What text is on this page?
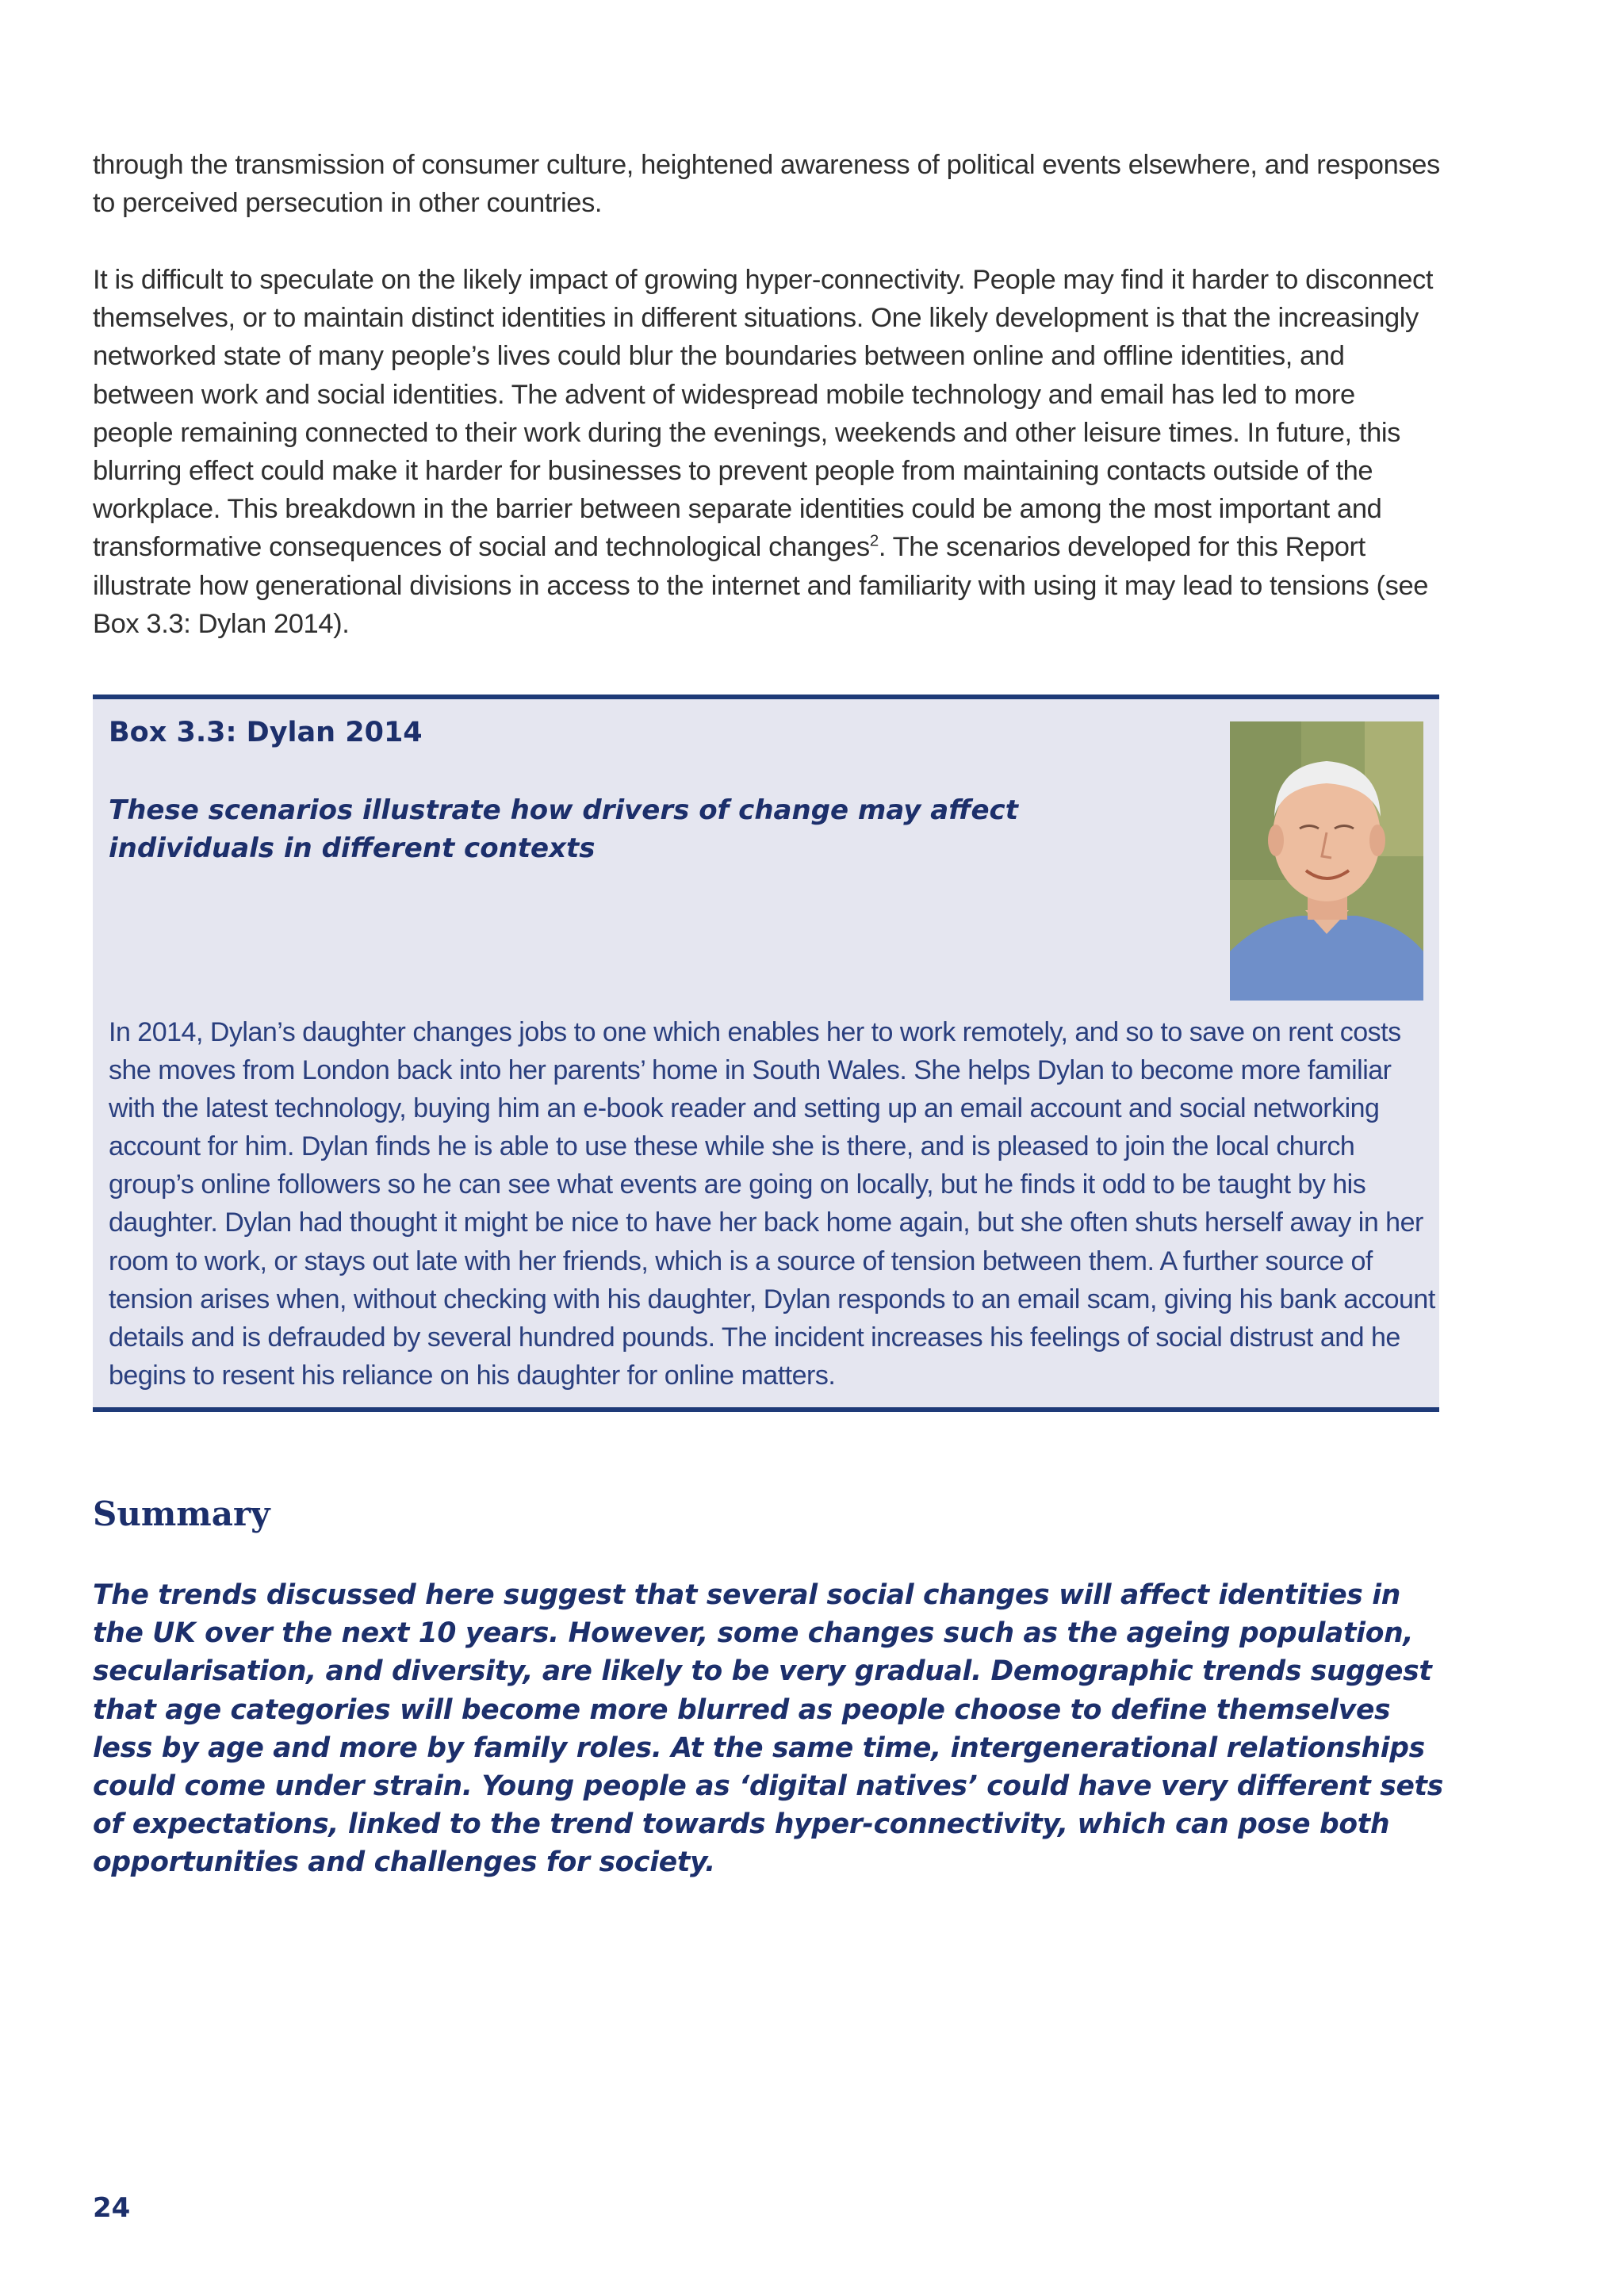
through the transmission of consumer culture, heightened awareness of political events elsewhere, and responses to perceived persecution in other countries.

It is difficult to speculate on the likely impact of growing hyper-connectivity. People may find it harder to disconnect themselves, or to maintain distinct identities in different situations. One likely development is that the increasingly networked state of many people’s lives could blur the boundaries between online and offline identities, and between work and social identities. The advent of widespread mobile technology and email has led to more people remaining connected to their work during the evenings, weekends and other leisure times. In future, this blurring effect could make it harder for businesses to prevent people from maintaining contacts outside of the workplace. This breakdown in the barrier between separate identities could be among the most important and transformative consequences of social and technological changes$^2$. The scenarios developed for this Report illustrate how generational divisions in access to the internet and familiarity with using it may lead to tensions (see Box 3.3: Dylan 2014).

Box 3.3: Dylan 2014
These scenarios illustrate how drivers of change may affect individuals in different contexts
In 2014, Dylan’s daughter changes jobs to one which enables her to work remotely, and so to save on rent costs she moves from London back into her parents’ home in South Wales. She helps Dylan to become more familiar with the latest technology, buying him an e-book reader and setting up an email account and social networking account for him. Dylan finds he is able to use these while she is there, and is pleased to join the local church group’s online followers so he can see what events are going on locally, but he finds it odd to be taught by his daughter. Dylan had thought it might be nice to have her back home again, but she often shuts herself away in her room to work, or stays out late with her friends, which is a source of tension between them. A further source of tension arises when, without checking with his daughter, Dylan responds to an email scam, giving his bank account details and is defrauded by several hundred pounds. The incident increases his feelings of social distrust and he begins to resent his reliance on his daughter for online matters.
Summary

The trends discussed here suggest that several social changes will affect identities in the UK over the next 10 years. However, some changes such as the ageing population, secularisation, and diversity, are likely to be very gradual. Demographic trends suggest that age categories will become more blurred as people choose to define themselves less by age and more by family roles. At the same time, intergenerational relationships could come under strain. Young people as ‘digital natives’ could have very different sets of expectations, linked to the trend towards hyper-connectivity, which can pose both opportunities and challenges for society.

24
